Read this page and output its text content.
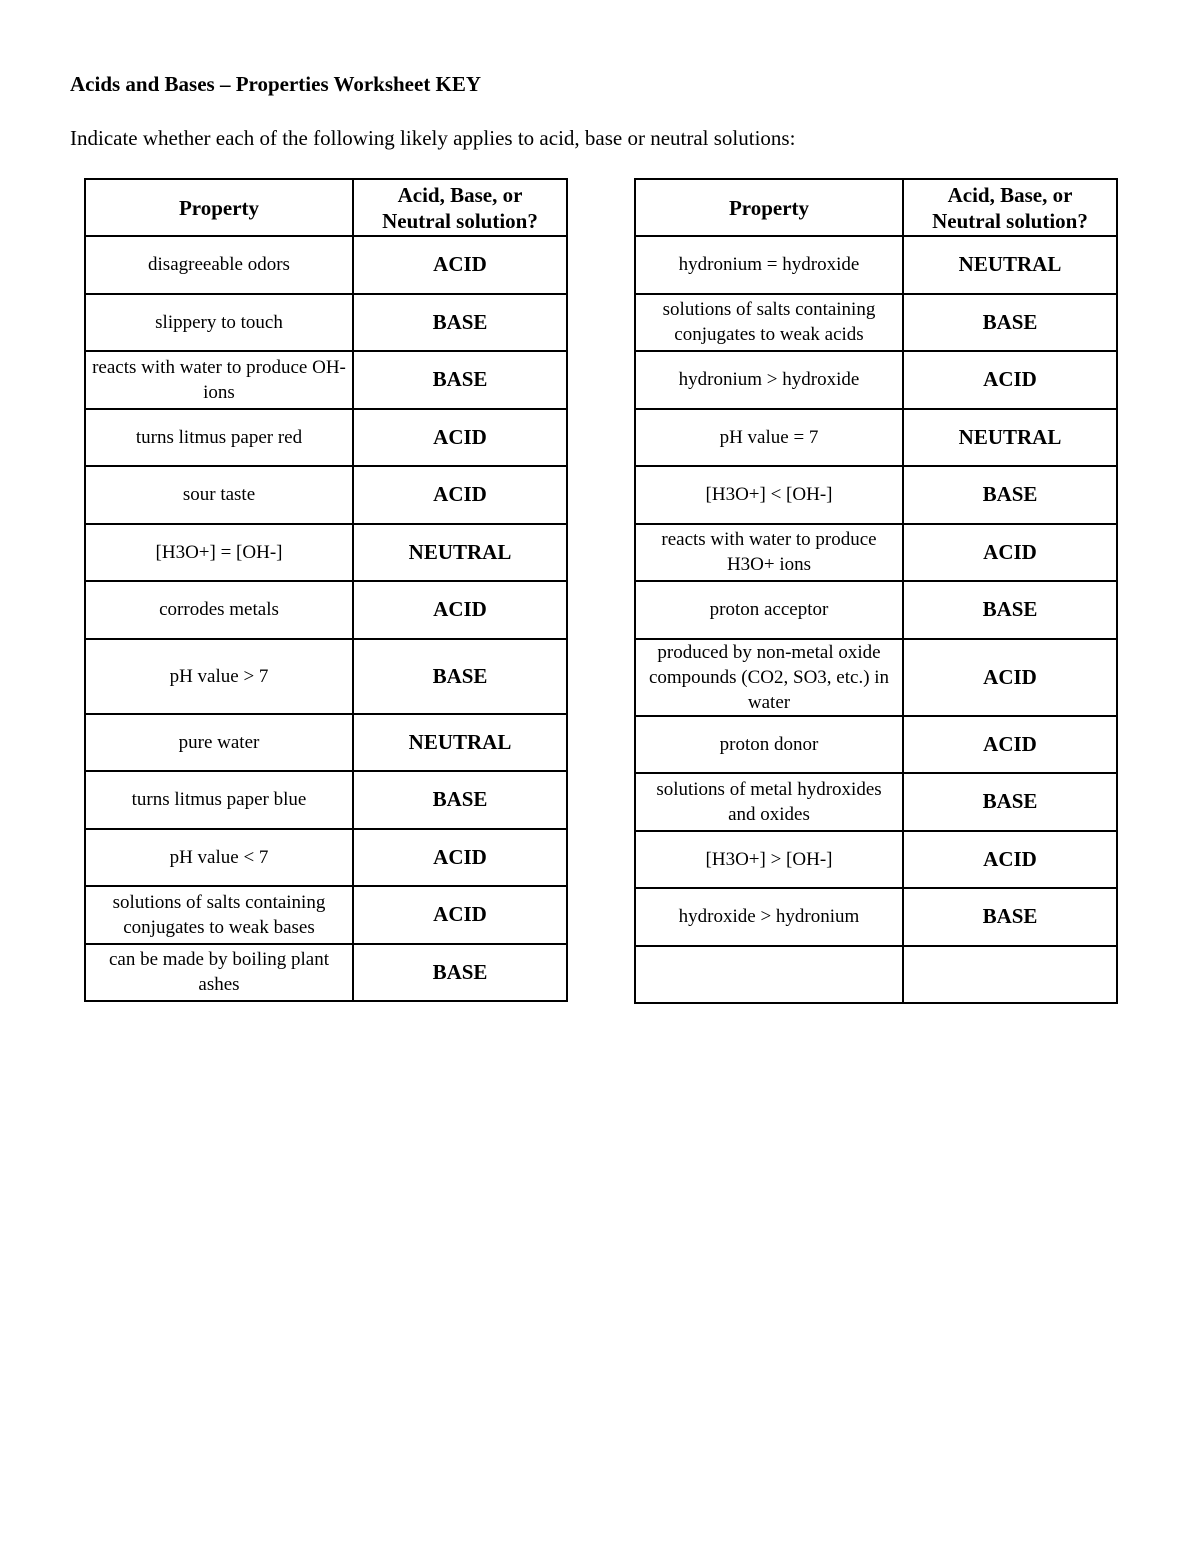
Acids and Bases – Properties Worksheet KEY
Indicate whether each of the following likely applies to acid, base or neutral solutions:
Property	Acid, Base, or
Neutral solution?
disagreeable odors	ACID
slippery to touch	BASE
reacts with water to produce OH- ions	BASE
turns litmus paper red	ACID
sour taste	ACID
[H3O+] = [OH-]	NEUTRAL
corrodes metals	ACID
pH value > 7	BASE
pure water	NEUTRAL
turns litmus paper blue	BASE
pH value < 7	ACID
solutions of salts containing conjugates to weak bases	ACID
can be made by boiling plant ashes	BASE
Property	Acid, Base, or
Neutral solution?
hydronium = hydroxide	NEUTRAL
solutions of salts containing conjugates to weak acids	BASE
hydronium > hydroxide	ACID
pH value = 7	NEUTRAL
[H3O+] < [OH-]	BASE
reacts with water to produce H3O+ ions	ACID
proton acceptor	BASE
produced by non-metal oxide compounds (CO2, SO3, etc.) in water	ACID
proton donor	ACID
solutions of metal hydroxides and oxides	BASE
[H3O+] > [OH-]	ACID
hydroxide > hydronium	BASE
